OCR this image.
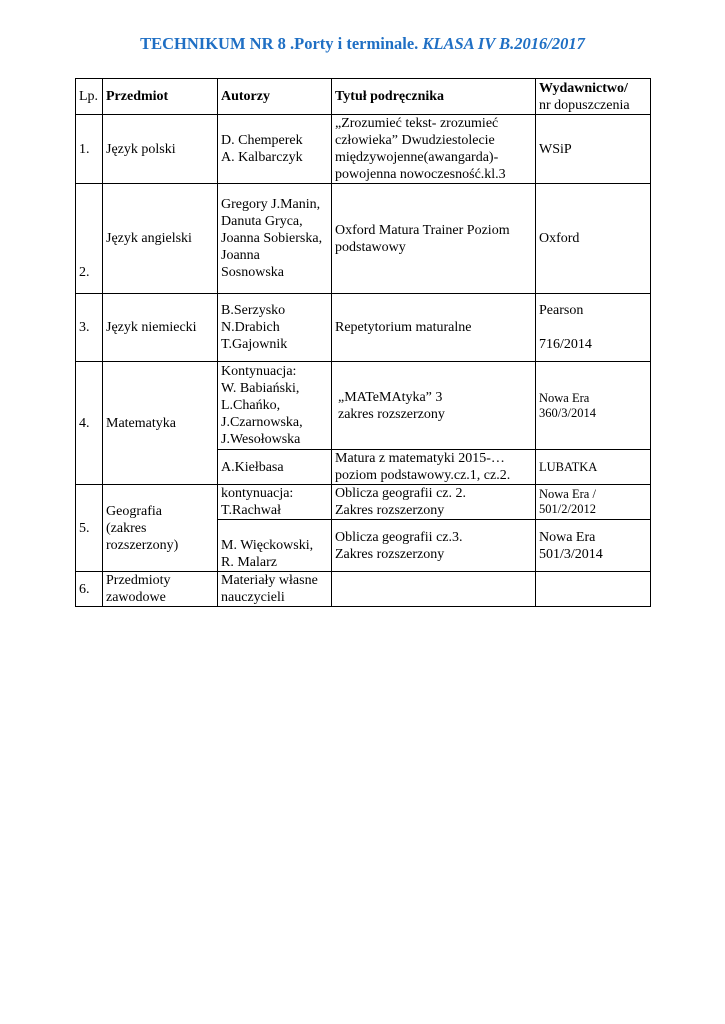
TECHNIKUM NR 8 .Porty i terminale. KLASA IV B.2016/2017
Lp.	Przedmiot	Autorzy	Tytuł podręcznika	Wydawnictwo/
nr dopuszczenia
1.	Język polski	D. Chemperek
A. Kalbarczyk	„Zrozumieć tekst- zrozumieć
człowieka” Dwudziestolecie
międzywojenne(awangarda)-
powojenna nowoczesność.kl.3	WSiP
2.	Język angielski	Gregory J.Manin,
Danuta Gryca,
Joanna Sobierska,
Joanna
Sosnowska	Oxford Matura Trainer Poziom
podstawowy	Oxford
3.	Język niemiecki	B.Serzysko
N.Drabich
T.Gajownik	Repetytorium maturalne	Pearson
716/2014
4.	Matematyka	Kontynuacja:
W. Babiański,
L.Chańko,
J.Czarnowska,
J.Wesołowska	„MATeMAtyka” 3
zakres rozszerzony	Nowa Era
360/3/2014
		A.Kiełbasa	Matura z matematyki 2015-…
poziom podstawowy.cz.1, cz.2.	LUBATKA
5.	Geografia
(zakres
rozszerzony)	kontynuacja:
T.Rachwał	Oblicza geografii cz. 2.
Zakres rozszerzony	Nowa Era /
501/2/2012
		M. Więckowski,
R. Malarz	Oblicza geografii cz.3.
Zakres rozszerzony	Nowa Era
501/3/2014
6.	Przedmioty
zawodowe	Materiały własne
nauczycieli		
